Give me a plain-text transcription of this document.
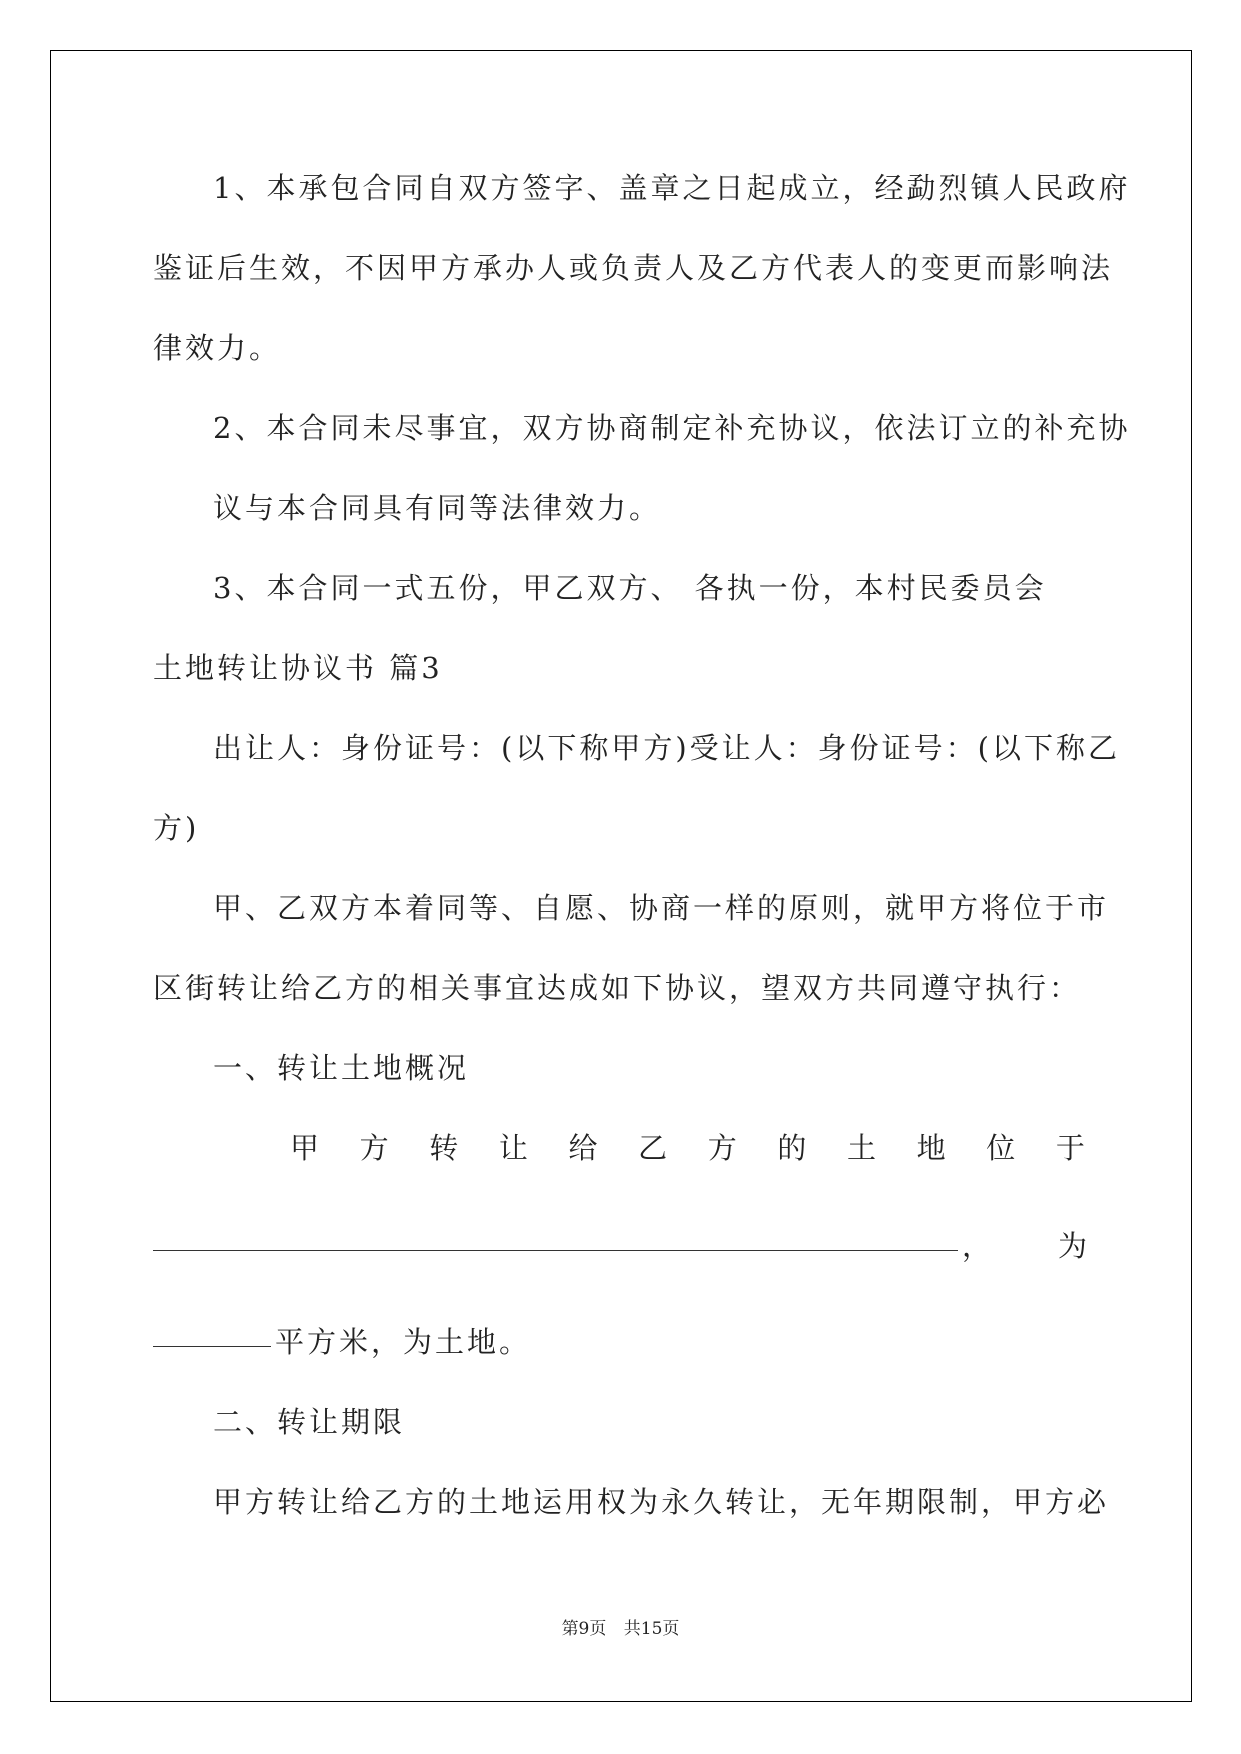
1、本承包合同自双方签字、盖章之日起成立，经勐烈镇人民政府
鉴证后生效，不因甲方承办人或负责人及乙方代表人的变更而影响法
律效力。
2、本合同未尽事宜，双方协商制定补充协议，依法订立的补充协
议与本合同具有同等法律效力。
3、本合同一式五份，甲乙双方、 各执一份，本村民委员会
土地转让协议书 篇3
出让人：身份证号：(以下称甲方)受让人：身份证号：(以下称乙
方)
甲、乙双方本着同等、自愿、协商一样的原则，就甲方将位于市
区街转让给乙方的相关事宜达成如下协议，望双方共同遵守执行：
一、转让土地概况
甲 方 转 让 给 乙 方 的 土 地 位 于
， 为
平方米，为土地。
二、转让期限
甲方转让给乙方的土地运用权为永久转让，无年期限制，甲方必
第9页 共15页
